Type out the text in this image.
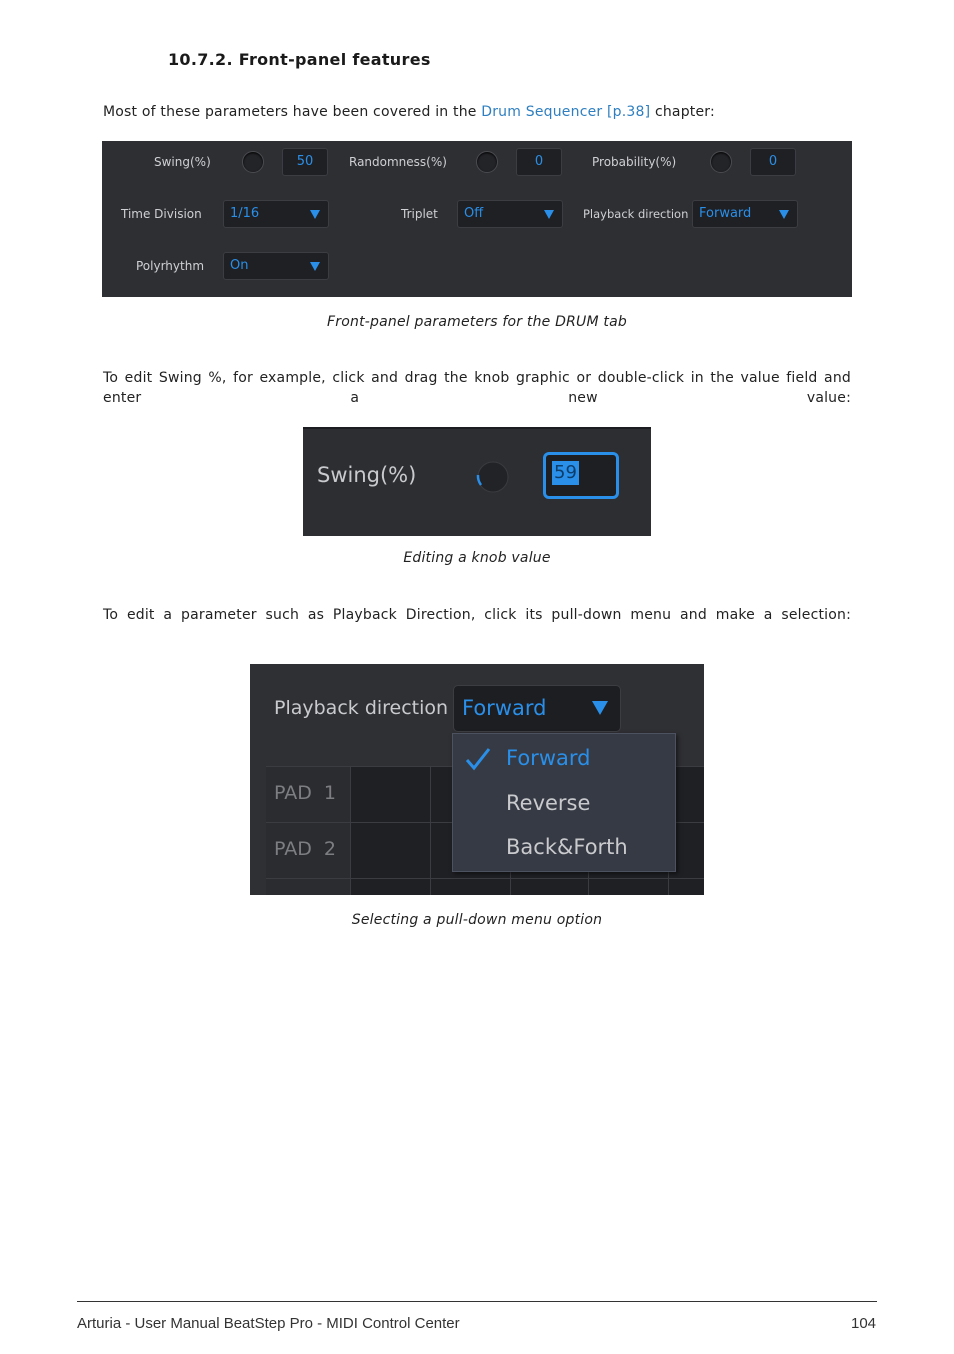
10.7.2. Front-panel features
Most of these parameters have been covered in the Drum Sequencer [p.38] chapter:
Swing(%)	50	Randomness(%)	0	Probability(%)	0
Time Division 1/16	Triplet Off	Playback direction Forward
Polyrhythm On
Front-panel parameters for the DRUM tab
To edit Swing %, for example, click and drag the knob graphic or double-click in the value field and enter a new value:
Swing(%)	59
Editing a knob value
To edit a parameter such as Playback Direction, click its pull-down menu and make a selection:
PAD 1
PAD 2
Playback direction Forward
Forward
Reverse
Back&Forth
Selecting a pull-down menu option
Arturia - User Manual BeatStep Pro - MIDI Control Center	104
